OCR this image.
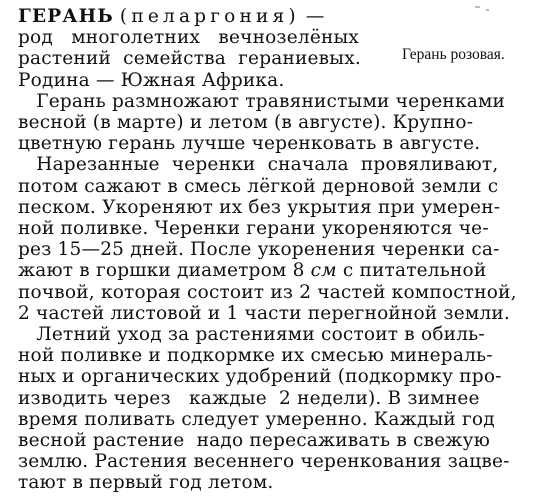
ГЕРАНЬ (пеларгония) —
род   многолетних   вечнозелёных
растений  семейства  гераниевых.
Родина — Южная Африка.
Герань размножают травянистыми черенками
весной (в марте) и летом (в августе). Крупно-
цветную герань лучше черенковать в августе.
Нарезанные  черенки  сначала  провяливают,
потом сажают в смесь лёгкой дерновой земли с
песком. Укореняют их без укрытия при умерен-
ной поливке. Черенки герани укореняются че-
рез 15—25 дней. После укоренения черенки са-
жают в горшки диаметром 8 см с питательной
почвой, которая состоит из 2 частей компостной,
2 частей листовой и 1 части перегнойной земли.
Летний уход за растениями состоит в обиль-
ной поливке и подкормке их смесью минераль-
ных и органических удобрений (подкормку про-
изводить через   каждые  2 недели). В зимнее
время поливать следует умеренно. Каждый год
весной растение  надо пересаживать в свежую
землю. Растения весеннего черенкования зацве-
тают в первый год летом.
Герань розовая.
